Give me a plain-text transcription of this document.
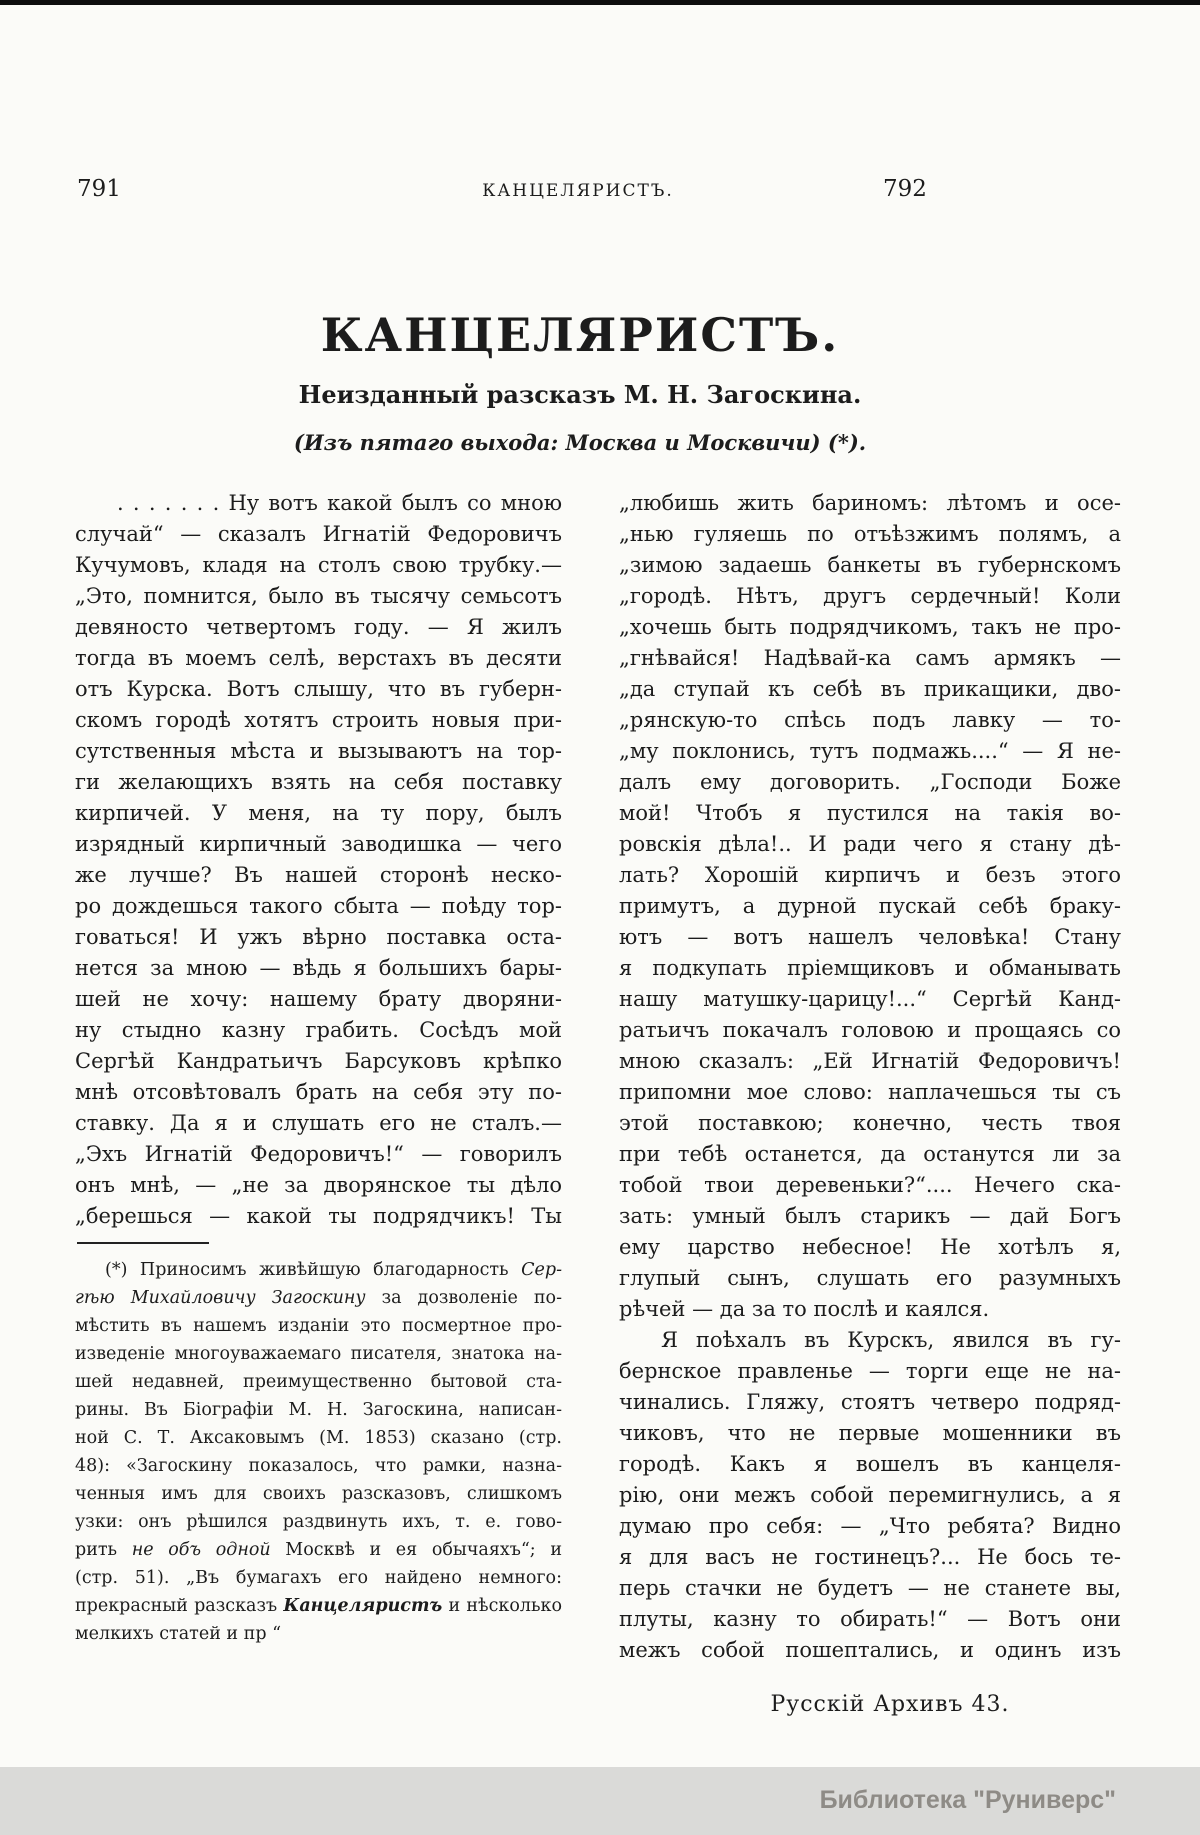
791	КАНЦЕЛЯРИСТЪ.	792
КАНЦЕЛЯРИСТЪ.
Неизданный разсказъ М. Н. Загоскина.
(Изъ пятаго выхода: Москва и Москвичи) (*).
. . . . . . . Ну вотъ какой былъ со мною
случай“ — сказалъ Игнатій Федоровичъ
Кучумовъ, кладя на столъ свою трубку.—
„Это, помнится, было въ тысячу семьсотъ
девяносто четвертомъ году. — Я жилъ
тогда въ моемъ селѣ, верстахъ въ десяти
отъ Курска. Вотъ слышу, что въ губерн-
скомъ городѣ хотятъ строить новыя при-
сутственныя мѣста и вызываютъ на тор-
ги желающихъ взять на себя поставку
кирпичей. У меня, на ту пору, былъ
изрядный кирпичный заводишка — чего
же лучше? Въ нашей сторонѣ неско-
ро дождешься такого сбыта — поѣду тор-
говаться! И ужъ вѣрно поставка оста-
нется за мною — вѣдь я большихъ бары-
шей не хочу: нашему брату дворяни-
ну стыдно казну грабить. Сосѣдъ мой
Сергѣй Кандратьичъ Барсуковъ крѣпко
мнѣ отсовѣтовалъ брать на себя эту по-
ставку. Да я и слушать его не сталъ.—
„Эхъ Игнатій Федоровичъ!“ — говорилъ
онъ мнѣ, — „не за дворянское ты дѣло
„берешься — какой ты подрядчикъ! Ты
(*) Приносимъ живѣйшую благодарность Сер-
гѣю Михайловичу Загоскину за дозволеніе по-
мѣстить въ нашемъ изданіи это посмертное про-
изведеніе многоуважаемаго писателя, знатока на-
шей недавней, преимущественно бытовой ста-
рины. Въ Біографіи М. Н. Загоскина, написан-
ной С. Т. Аксаковымъ (М. 1853) сказано (стр.
48): «Загоскину показалось, что рамки, назна-
ченныя имъ для своихъ разсказовъ, слишкомъ
узки: онъ рѣшился раздвинуть ихъ, т. е. гово-
рить не объ одной Москвѣ и ея обычаяхъ“; и
(стр. 51). „Въ бумагахъ его найдено немного:
прекрасный разсказъ Канцеляристъ и нѣсколько
мелкихъ статей и пр “
„любишь жить бариномъ: лѣтомъ и осе-
„нью гуляешь по отъѣзжимъ полямъ, а
„зимою задаешь банкеты въ губернскомъ
„городѣ. Нѣтъ, другъ сердечный! Коли
„хочешь быть подрядчикомъ, такъ не про-
„гнѣвайся! Надѣвай-ка самъ армякъ —
„да ступай къ себѣ въ прикащики, дво-
„рянскую-то спѣсь подъ лавку — то-
„му поклонись, тутъ подмажь....“ — Я не-
далъ ему договорить. „Господи Боже
мой! Чтобъ я пустился на такія во-
ровскія дѣла!.. И ради чего я стану дѣ-
лать? Хорошій кирпичъ и безъ этого
примутъ, а дурной пускай себѣ браку-
ютъ — вотъ нашелъ человѣка! Стану
я подкупать пріемщиковъ и обманывать
нашу матушку-царицу!...“ Сергѣй Канд-
ратьичъ покачалъ головою и прощаясь со
мною сказалъ: „Ей Игнатій Федоровичъ!
припомни мое слово: наплачешься ты съ
этой поставкою; конечно, честь твоя
при тебѣ останется, да останутся ли за
тобой твои деревеньки?“.... Нечего ска-
зать: умный былъ старикъ — дай Богъ
ему царство небесное! Не хотѣлъ я,
глупый сынъ, слушать его разумныхъ
рѣчей — да за то послѣ и каялся.
Я поѣхалъ въ Курскъ, явился въ гу-
бернское правленье — торги еще не на-
чинались. Гляжу, стоятъ четверо подряд-
чиковъ, что не первые мошенники въ
городѣ. Какъ я вошелъ въ канцеля-
рію, они межъ собой перемигнулись, а я
думаю про себя: — „Что ребята? Видно
я для васъ не гостинецъ?... Не бось те-
перь стачки не будетъ — не станете вы,
плуты, казну то обирать!“ — Вотъ они
межъ собой пошептались, и одинъ изъ
Русскій Архивъ 43.
Библиотека "Руниверс"
